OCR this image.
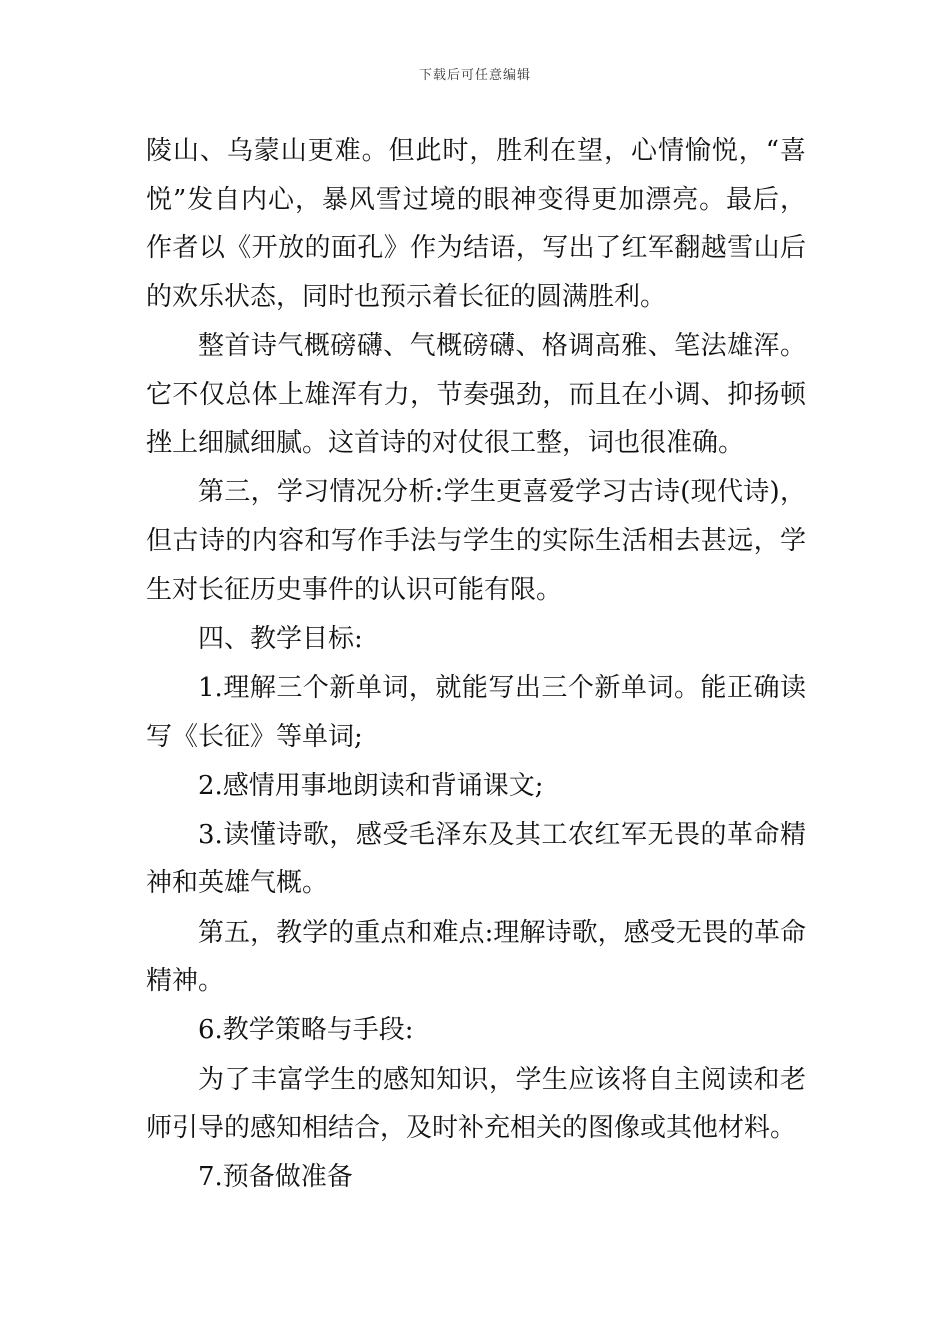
下载后可任意编辑

陵山、乌蒙山更难。但此时，胜利在望，心情愉悦，“喜悦”发自内心，暴风雪过境的眼神变得更加漂亮。最后，作者以《开放的面孔》作为结语，写出了红军翻越雪山后的欢乐状态，同时也预示着长征的圆满胜利。

整首诗气概磅礴、气概磅礴、格调高雅、笔法雄浑。它不仅总体上雄浑有力，节奏强劲，而且在小调、抑扬顿挫上细腻细腻。这首诗的对仗很工整，词也很准确。

第三，学习情况分析:学生更喜爱学习古诗(现代诗)，但古诗的内容和写作手法与学生的实际生活相去甚远，学生对长征历史事件的认识可能有限。

四、教学目标:

1.理解三个新单词，就能写出三个新单词。能正确读写《长征》等单词;

2.感情用事地朗读和背诵课文;

3.读懂诗歌，感受毛泽东及其工农红军无畏的革命精神和英雄气概。

第五，教学的重点和难点:理解诗歌，感受无畏的革命精神。

6.教学策略与手段:

为了丰富学生的感知知识，学生应该将自主阅读和老师引导的感知相结合，及时补充相关的图像或其他材料。

7.预备做准备
